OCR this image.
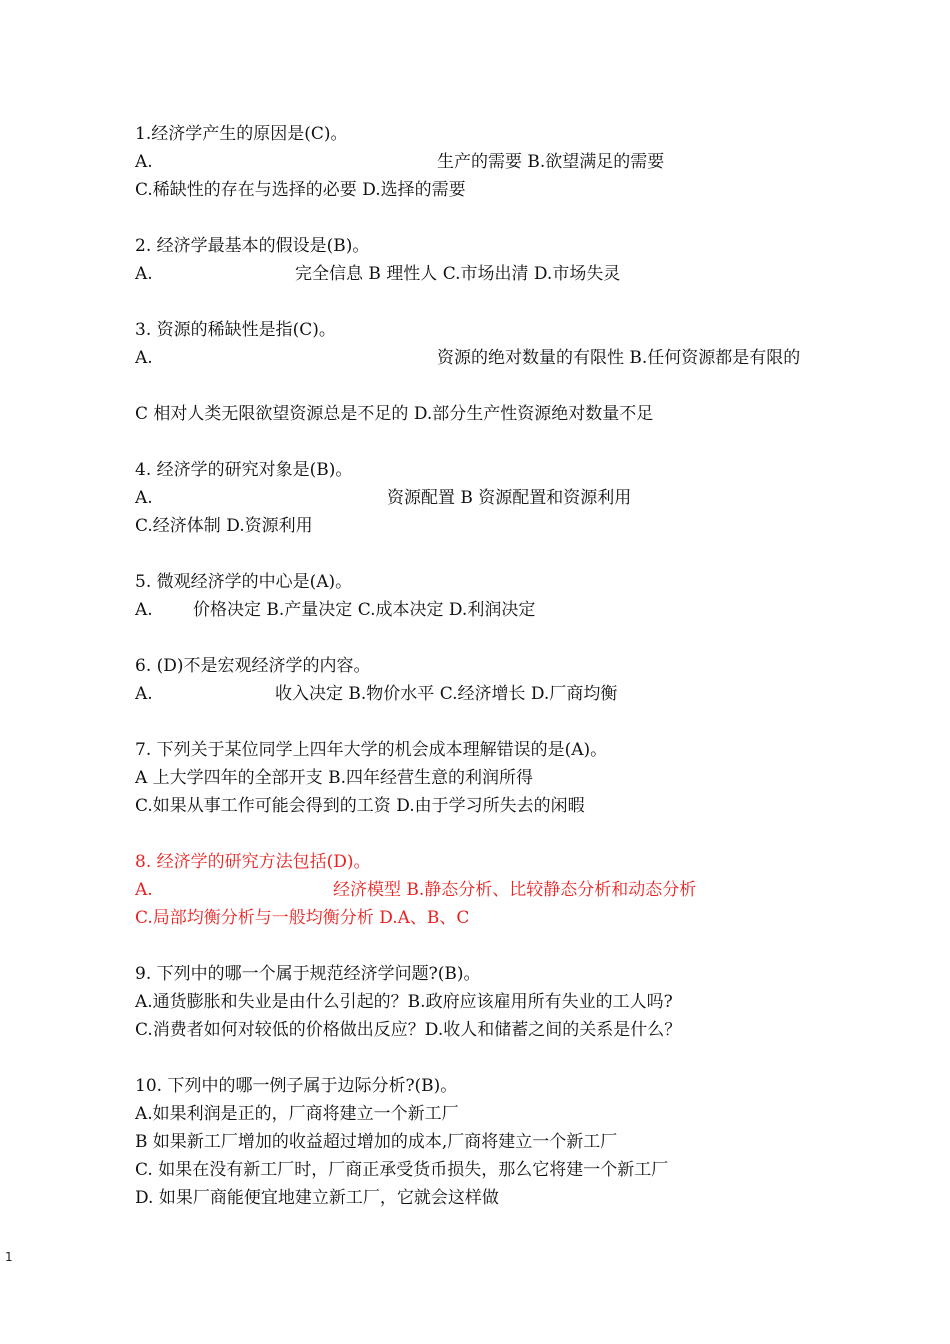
1.经济学产生的原因是(C)。
A.	生产的需要 B.欲望满足的需要
C.稀缺性的存在与选择的必要 D.选择的需要
2. 经济学最基本的假设是(B)。
A.	完全信息 B 理性人 C.市场出清 D.市场失灵
3. 资源的稀缺性是指(C)。
A.	资源的绝对数量的有限性 B.任何资源都是有限的
C 相对人类无限欲望资源总是不足的 D.部分生产性资源绝对数量不足
4. 经济学的研究对象是(B)。
A.	资源配置 B 资源配置和资源利用
C.经济体制 D.资源利用
5. 微观经济学的中心是(A)。
A. 价格决定 B.产量决定 C.成本决定 D.利润决定
6. (D)不是宏观经济学的内容。
A.	收入决定 B.物价水平 C.经济增长 D.厂商均衡
7. 下列关于某位同学上四年大学的机会成本理解错误的是(A)。
A 上大学四年的全部开支 B.四年经营生意的利润所得
C.如果从事工作可能会得到的工资 D.由于学习所失去的闲暇
8. 经济学的研究方法包括(D)。
A.	经济模型 B.静态分析、比较静态分析和动态分析
C.局部均衡分析与一般均衡分析 D.A、B、C
9. 下列中的哪一个属于规范经济学问题?(B)。
A.通货膨胀和失业是由什么引起的？B.政府应该雇用所有失业的工人吗?
C.消费者如何对较低的价格做出反应？D.收人和储蓄之间的关系是什么？
10. 下列中的哪一例子属于边际分析?(B)。
A.如果利润是正的，厂商将建立一个新工厂
B 如果新工厂增加的收益超过增加的成本,厂商将建立一个新工厂
C. 如果在没有新工厂时，厂商正承受货币损失，那么它将建一个新工厂
D. 如果厂商能便宜地建立新工厂，它就会这样做
1
